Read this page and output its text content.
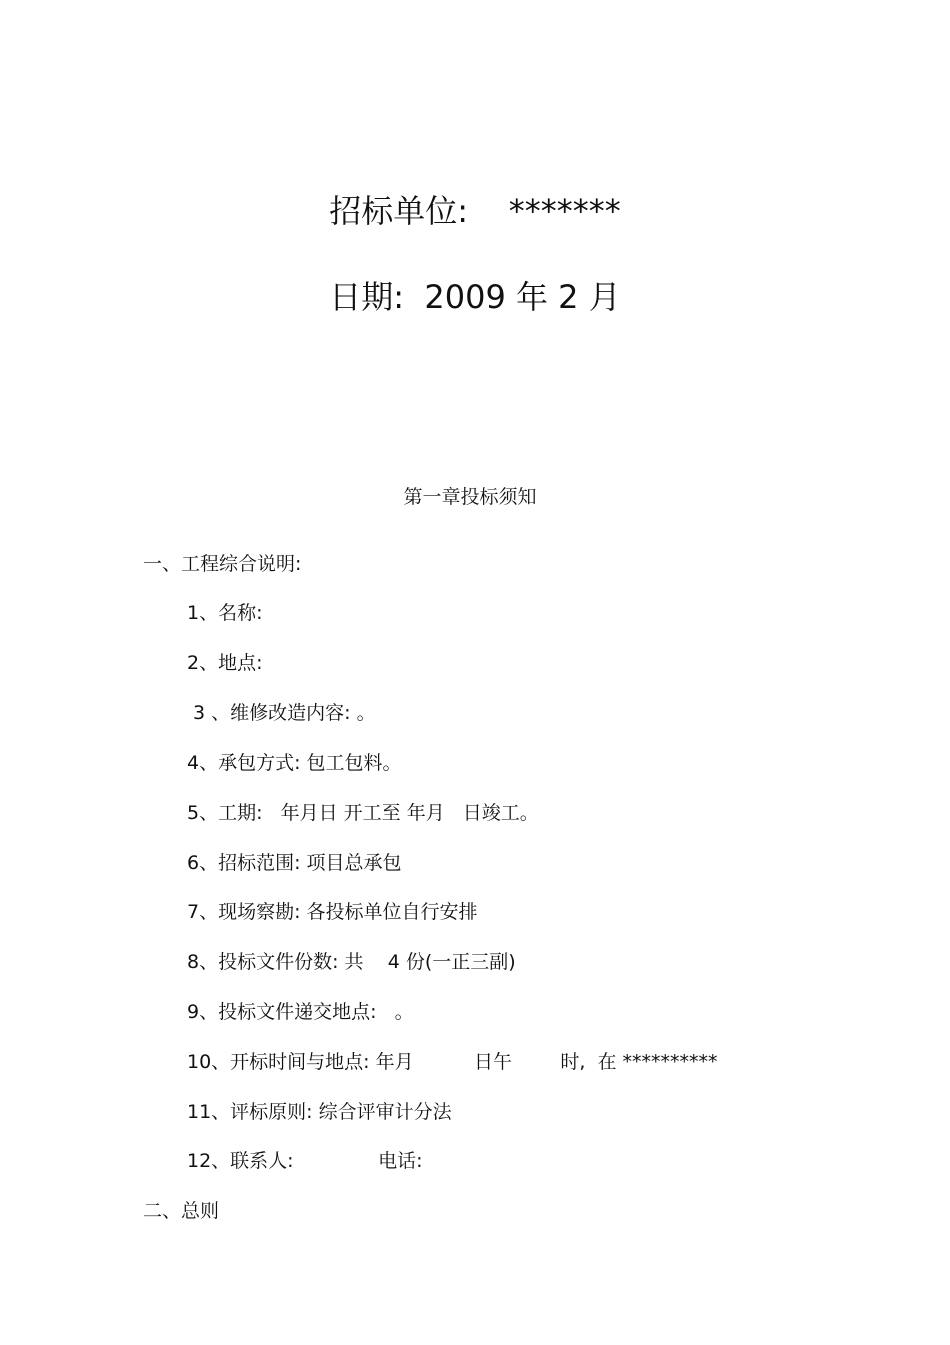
招标单位:    *******
日期:  2009 年 2 月
第一章投标须知
一、工程综合说明:
1、名称:
2、地点:
3 、维修改造内容: 。
4、承包方式: 包工包料。
5、工期:   年月日 开工至 年月   日竣工。
6、招标范围: 项目总承包
7、现场察勘: 各投标单位自行安排
8、投标文件份数: 共    4 份(一正三副)
9、投标文件递交地点:   。
10、开标时间与地点: 年月          日午        时,  在 **********
11、评标原则: 综合评审计分法
12、联系人:              电话:
二、总则
